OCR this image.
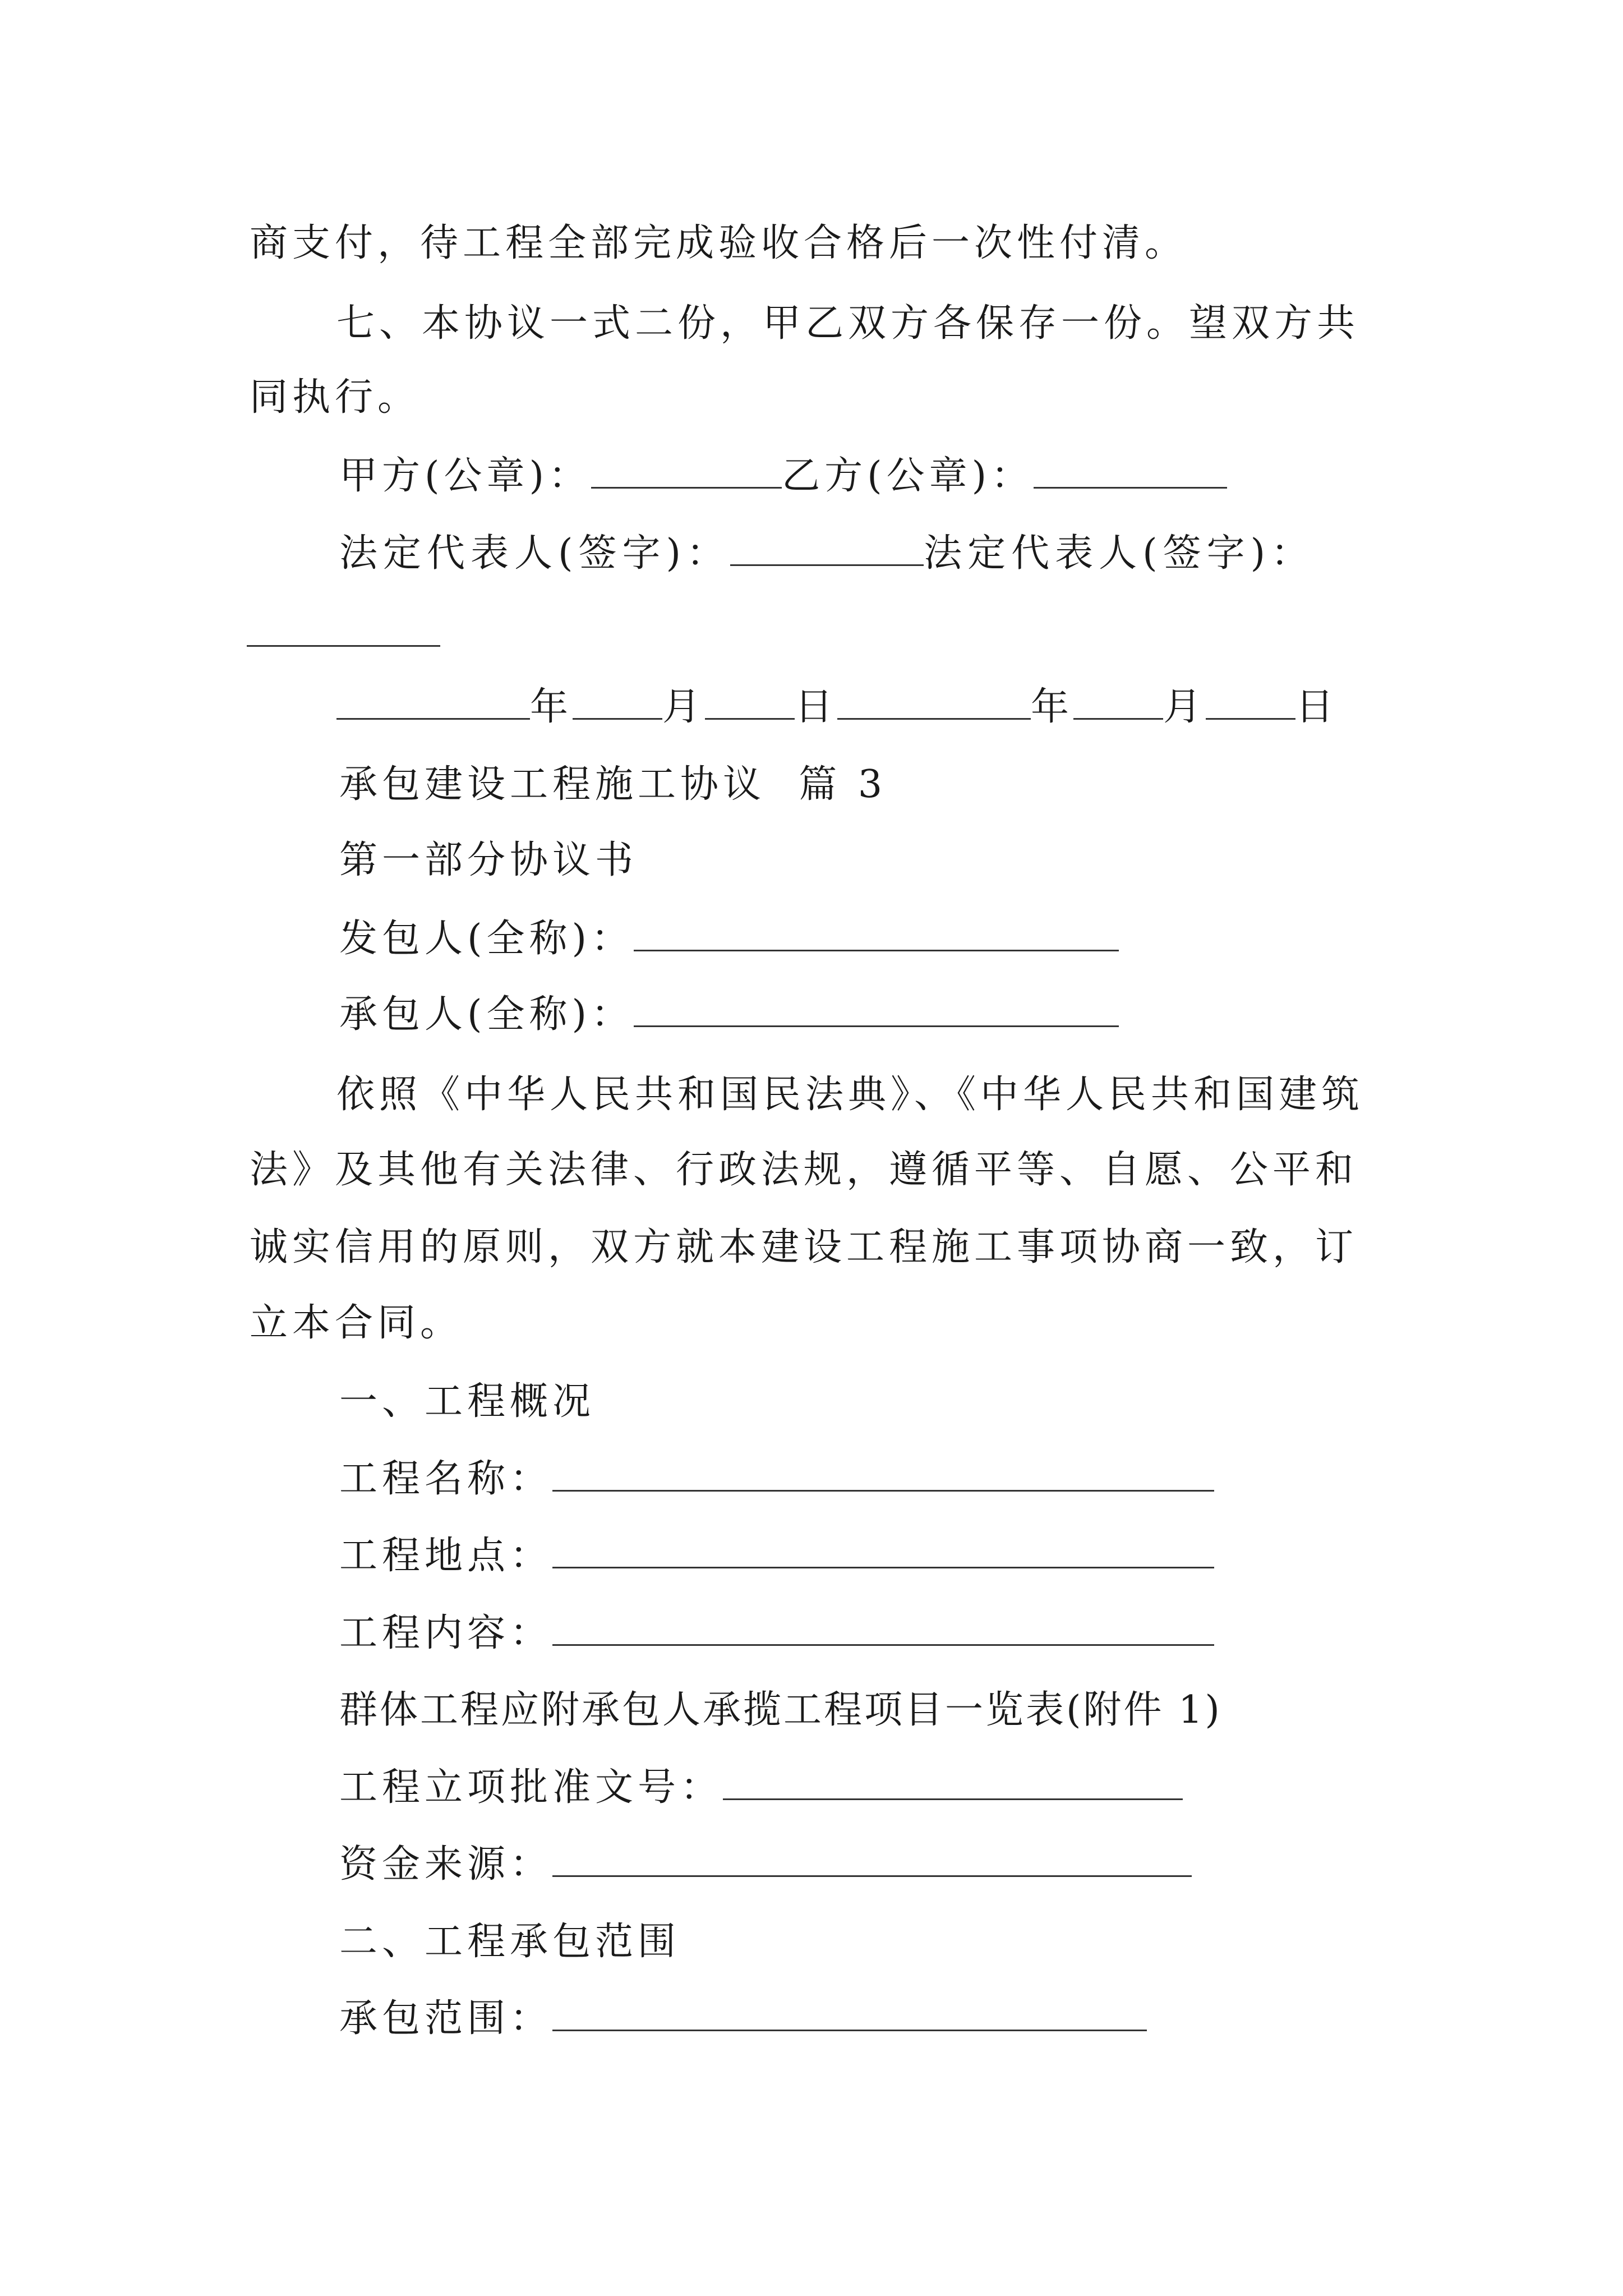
商支付，待工程全部完成验收合格后一次性付清。
七、本协议一式二份，甲乙双方各保存一份。望双方共
同执行。
甲方(公章)：	乙方(公章)：
法定代表人(签字)：	法定代表人(签字)：
年 月 日	年 月 日
承包建设工程施工协议  篇 3
第一部分协议书
发包人(全称)：
承包人(全称)：
依照《中华人民共和国民法典》、《中华人民共和国建筑
法》及其他有关法律、行政法规，遵循平等、自愿、公平和
诚实信用的原则，双方就本建设工程施工事项协商一致，订
立本合同。
一、工程概况
工程名称：
工程地点：
工程内容：
群体工程应附承包人承揽工程项目一览表(附件 1)
工程立项批准文号：
资金来源：
二、工程承包范围
承包范围：
